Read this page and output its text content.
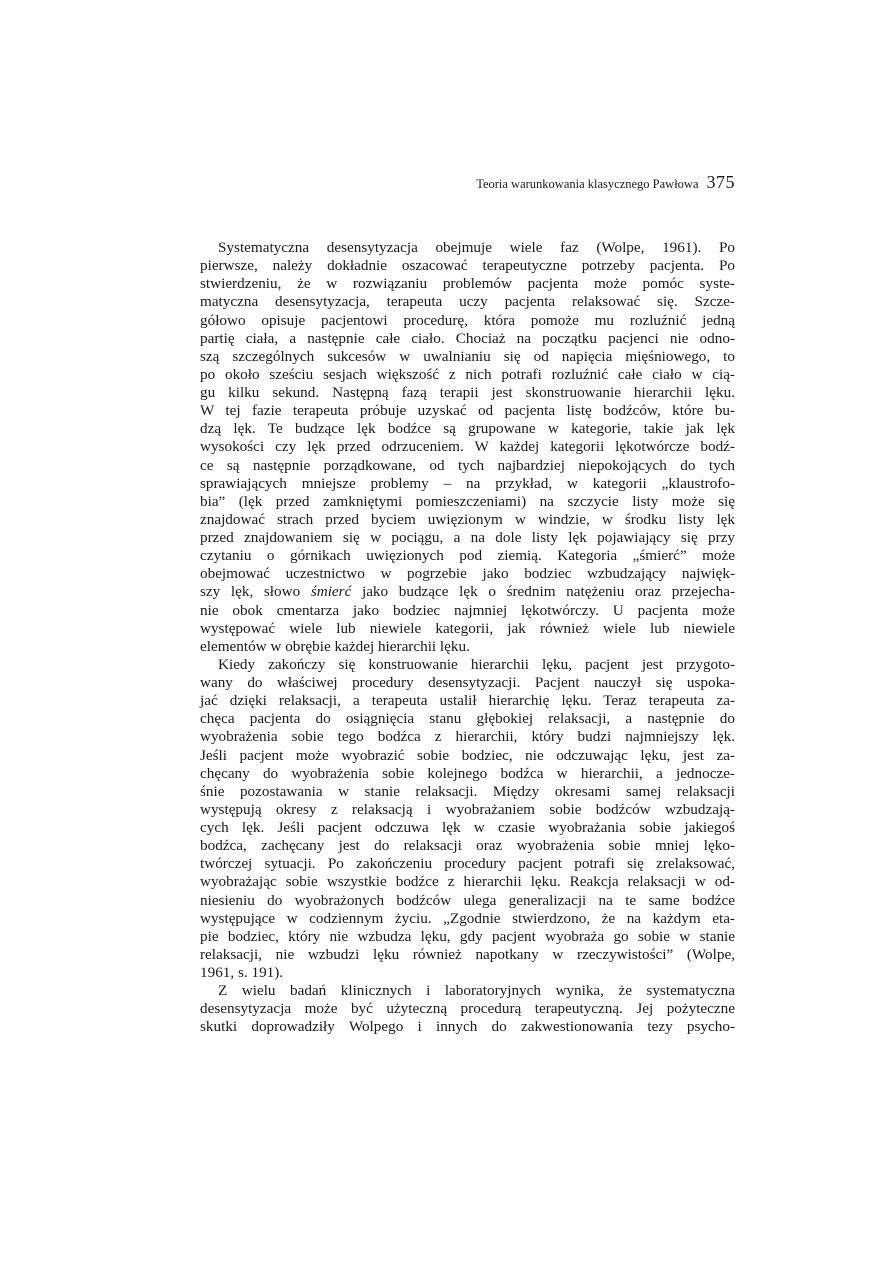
Teoria warunkowania klasycznego Pawłowa 375
Systematyczna desensytyzacja obejmuje wiele faz (Wolpe, 1961). Po
pierwsze, należy dokładnie oszacować terapeutyczne potrzeby pacjenta. Po
stwierdzeniu, że w rozwiązaniu problemów pacjenta może pomóc syste-
matyczna desensytyzacja, terapeuta uczy pacjenta relaksować się. Szcze-
gółowo opisuje pacjentowi procedurę, która pomoże mu rozluźnić jedną
partię ciała, a następnie całe ciało. Chociaż na początku pacjenci nie odno-
szą szczególnych sukcesów w uwalnianiu się od napięcia mięśniowego, to
po około sześciu sesjach większość z nich potrafi rozluźnić całe ciało w cią-
gu kilku sekund. Następną fazą terapii jest skonstruowanie hierarchii lęku.
W tej fazie terapeuta próbuje uzyskać od pacjenta listę bodźców, które bu-
dzą lęk. Te budzące lęk bodźce są grupowane w kategorie, takie jak lęk
wysokości czy lęk przed odrzuceniem. W każdej kategorii lękotwórcze bodź-
ce są następnie porządkowane, od tych najbardziej niepokojących do tych
sprawiających mniejsze problemy – na przykład, w kategorii „klaustrofo-
bia” (lęk przed zamkniętymi pomieszczeniami) na szczycie listy może się
znajdować strach przed byciem uwięzionym w windzie, w środku listy lęk
przed znajdowaniem się w pociągu, a na dole listy lęk pojawiający się przy
czytaniu o górnikach uwięzionych pod ziemią. Kategoria „śmierć” może
obejmować uczestnictwo w pogrzebie jako bodziec wzbudzający najwięk-
szy lęk, słowo śmierć jako budzące lęk o średnim natężeniu oraz przejecha-
nie obok cmentarza jako bodziec najmniej lękotwórczy. U pacjenta może
występować wiele lub niewiele kategorii, jak również wiele lub niewiele
elementów w obrębie każdej hierarchii lęku.
Kiedy zakończy się konstruowanie hierarchii lęku, pacjent jest przygoto-
wany do właściwej procedury desensytyzacji. Pacjent nauczył się uspoka-
jać dzięki relaksacji, a terapeuta ustalił hierarchię lęku. Teraz terapeuta za-
chęca pacjenta do osiągnięcia stanu głębokiej relaksacji, a następnie do
wyobrażenia sobie tego bodźca z hierarchii, który budzi najmniejszy lęk.
Jeśli pacjent może wyobrazić sobie bodziec, nie odczuwając lęku, jest za-
chęcany do wyobrażenia sobie kolejnego bodźca w hierarchii, a jednocze-
śnie pozostawania w stanie relaksacji. Między okresami samej relaksacji
występują okresy z relaksacją i wyobrażaniem sobie bodźców wzbudzają-
cych lęk. Jeśli pacjent odczuwa lęk w czasie wyobrażania sobie jakiegoś
bodźca, zachęcany jest do relaksacji oraz wyobrażenia sobie mniej lęko-
twórczej sytuacji. Po zakończeniu procedury pacjent potrafi się zrelaksować,
wyobrażając sobie wszystkie bodźce z hierarchii lęku. Reakcja relaksacji w od-
niesieniu do wyobrażonych bodźców ulega generalizacji na te same bodźce
występujące w codziennym życiu. „Zgodnie stwierdzono, że na każdym eta-
pie bodziec, który nie wzbudza lęku, gdy pacjent wyobraża go sobie w stanie
relaksacji, nie wzbudzi lęku również napotkany w rzeczywistości” (Wolpe,
1961, s. 191).
Z wielu badań klinicznych i laboratoryjnych wynika, że systematyczna
desensytyzacja może być użyteczną procedurą terapeutyczną. Jej pożyteczne
skutki doprowadziły Wolpego i innych do zakwestionowania tezy psycho-
